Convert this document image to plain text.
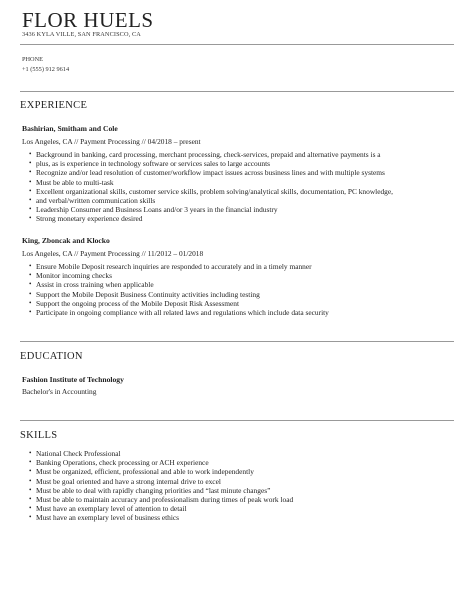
FLOR HUELS
3436 KYLA VILLE, SAN FRANCISCO, CA
PHONE
+1 (555) 912 9614
EXPERIENCE
Bashirian, Smitham and Cole
Los Angeles, CA // Payment Processing // 04/2018 – present
• Background in banking, card processing, merchant processing, check-services, prepaid and alternative payments is a
• plus, as is experience in technology software or services sales to large accounts
• Recognize and/or lead resolution of customer/workflow impact issues across business lines and with multiple systems
• Must be able to multi-task
• Excellent organizational skills, customer service skills, problem solving/analytical skills, documentation, PC knowledge,
• and verbal/written communication skills
• Leadership Consumer and Business Loans and/or 3 years in the financial industry
• Strong monetary experience desired
King, Zboncak and Klocko
Los Angeles, CA // Payment Processing // 11/2012 – 01/2018
• Ensure Mobile Deposit research inquiries are responded to accurately and in a timely manner
• Monitor incoming checks
• Assist in cross training when applicable
• Support the Mobile Deposit Business Continuity activities including testing
• Support the ongoing process of the Mobile Deposit Risk Assessment
• Participate in ongoing compliance with all related laws and regulations which include data security
EDUCATION
Fashion Institute of Technology
Bachelor's in Accounting
SKILLS
• National Check Professional
• Banking Operations, check processing or ACH experience
• Must be organized, efficient, professional and able to work independently
• Must be goal oriented and have a strong internal drive to excel
• Must be able to deal with rapidly changing priorities and “last minute changes”
• Must be able to maintain accuracy and professionalism during times of peak work load
• Must have an exemplary level of attention to detail
• Must have an exemplary level of business ethics
